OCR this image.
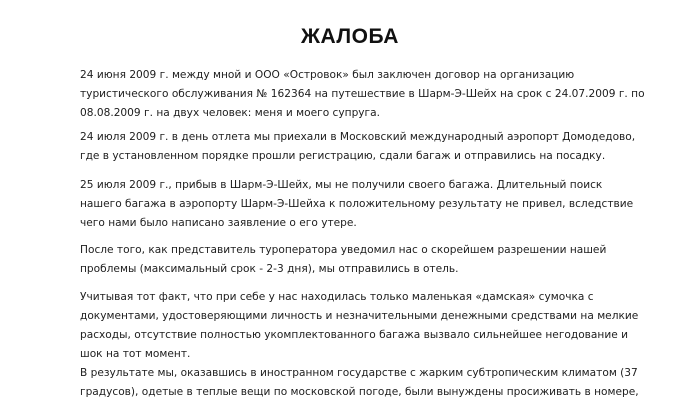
ЖАЛОБА
24 июня 2009 г. между мной и ООО «Островок» был заключен договор на организацию
туристического обслуживания № 162364 на путешествие в Шарм-Э-Шейх на срок с 24.07.2009 г. по
08.08.2009 г. на двух человек: меня и моего супруга.
24 июля 2009 г. в день отлета мы приехали в Московский международный аэропорт Домодедово,
где в установленном порядке прошли регистрацию, сдали багаж и отправились на посадку.
25 июля 2009 г., прибыв в Шарм-Э-Шейх, мы не получили своего багажа. Длительный поиск
нашего багажа в аэропорту Шарм-Э-Шейха к положительному результату не привел, вследствие
чего нами было написано заявление о его утере.
После того, как представитель туроператора уведомил нас о скорейшем разрешении нашей
проблемы (максимальный срок - 2-3 дня), мы отправились в отель.
Учитывая тот факт, что при себе у нас находилась только маленькая «дамская» сумочка с
документами, удостоверяющими личность и незначительными денежными средствами на мелкие
расходы, отсутствие полностью укомплектованного багажа вызвало сильнейшее негодование и
шок на тот момент.
В результате мы, оказавшись в иностранном государстве с жарким субтропическим климатом (37
градусов), одетые в теплые вещи по московской погоде, были вынуждены просиживать в номере,
